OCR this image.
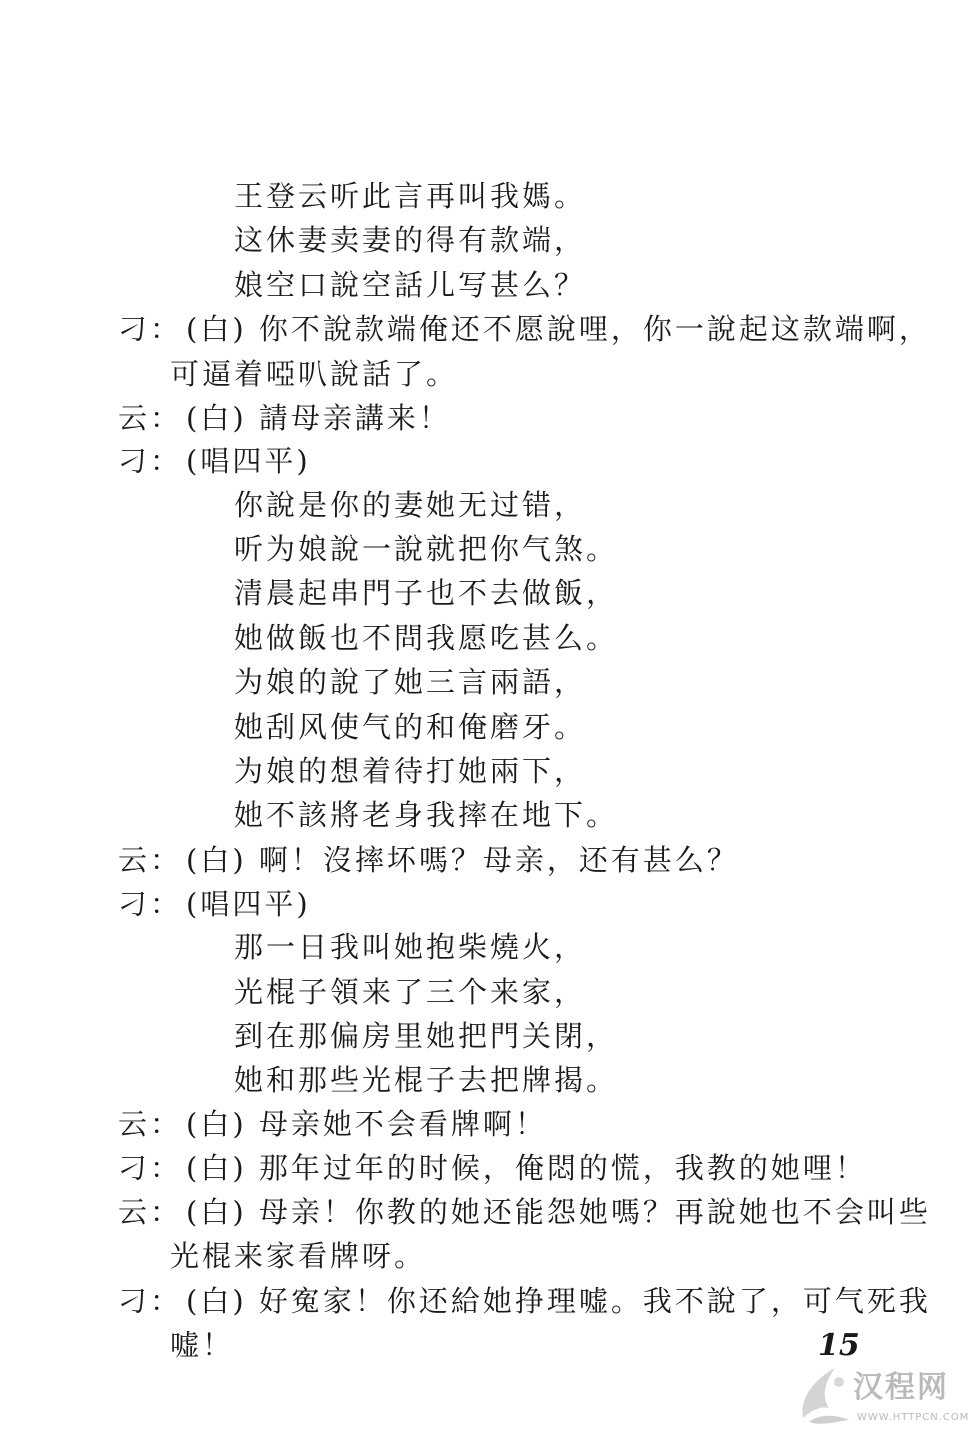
王登云听此言再叫我媽。
这休妻卖妻的得有款端，
娘空口說空話儿写甚么？
刁： (白) 你不說款端俺还不愿說哩，你一說起这款端啊，
可逼着啞叭說話了。
云： (白) 請母亲講来！
刁： (唱四平)
你說是你的妻她无过错，
听为娘說一說就把你气煞。
清晨起串門子也不去做飯，
她做飯也不問我愿吃甚么。
为娘的說了她三言兩語，
她刮风使气的和俺磨牙。
为娘的想着待打她兩下，
她不該將老身我摔在地下。
云： (白) 啊！沒摔坏嗎？母亲，还有甚么？
刁： (唱四平)
那一日我叫她抱柴燒火，
光棍子領来了三个来家，
到在那偏房里她把門关閉，
她和那些光棍子去把牌揭。
云： (白) 母亲她不会看牌啊！
刁： (白) 那年过年的时候，俺悶的慌，我教的她哩！
云： (白) 母亲！你教的她还能怨她嗎？再說她也不会叫些
光棍来家看牌呀。
刁： (白) 好寃家！你还給她挣理嘘。我不說了，可气死我
嘘！	15
汉程网
WWW.HTTPCN.COM
